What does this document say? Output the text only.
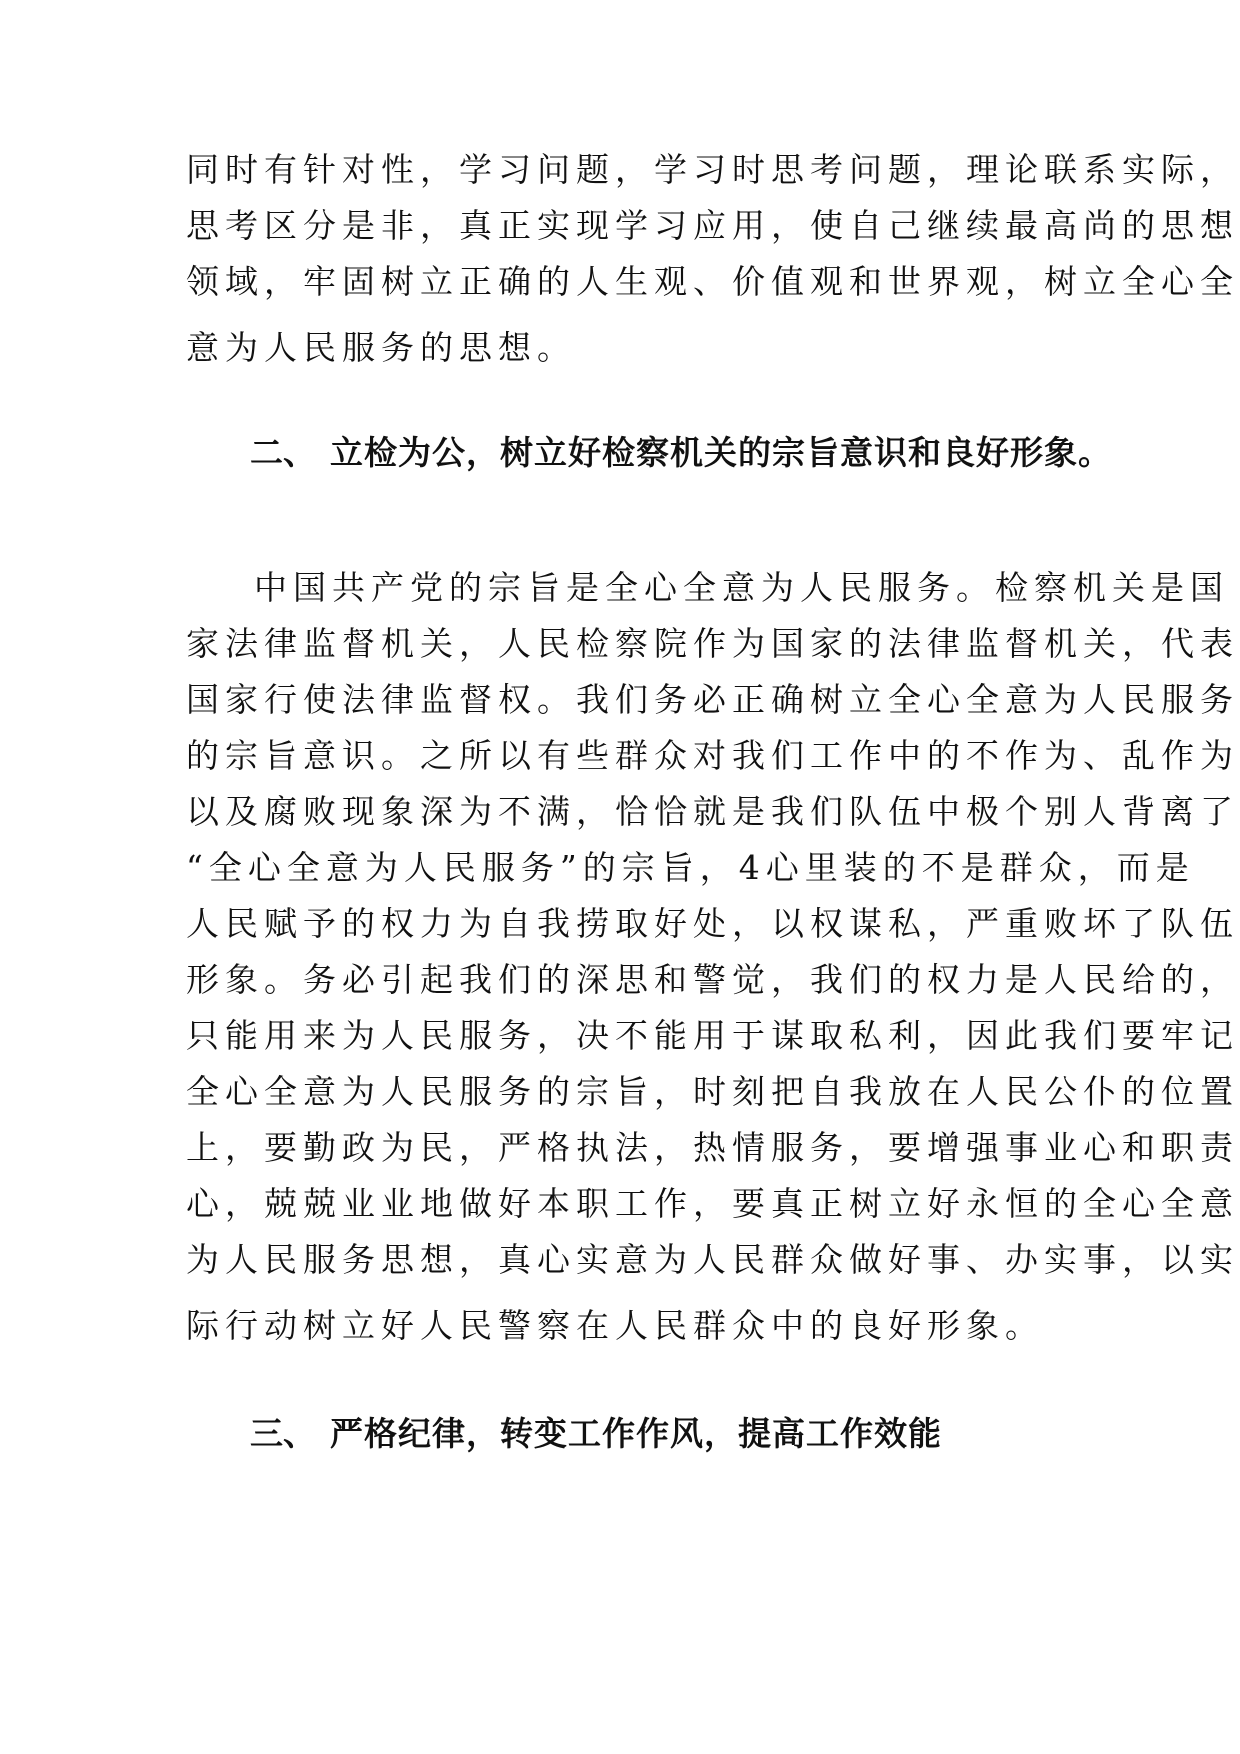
同时有针对性，学习问题，学习时思考问题，理论联系实际，
思考区分是非，真正实现学习应用，使自己继续最高尚的思想
领域，牢固树立正确的人生观、价值观和世界观，树立全心全
意为人民服务的思想。
二、 立检为公，树立好检察机关的宗旨意识和良好形象。
中国共产党的宗旨是全心全意为人民服务。检察机关是国
家法律监督机关，人民检察院作为国家的法律监督机关，代表
国家行使法律监督权。我们务必正确树立全心全意为人民服务
的宗旨意识。之所以有些群众对我们工作中的不作为、乱作为
以及腐败现象深为不满，恰恰就是我们队伍中极个别人背离了
“全心全意为人民服务”的宗旨，4心里装的不是群众，而是
人民赋予的权力为自我捞取好处，以权谋私，严重败坏了队伍
形象。务必引起我们的深思和警觉，我们的权力是人民给的，
只能用来为人民服务，决不能用于谋取私利，因此我们要牢记
全心全意为人民服务的宗旨，时刻把自我放在人民公仆的位置
上，要勤政为民，严格执法，热情服务，要增强事业心和职责
心，兢兢业业地做好本职工作，要真正树立好永恒的全心全意
为人民服务思想，真心实意为人民群众做好事、办实事，以实
际行动树立好人民警察在人民群众中的良好形象。
三、 严格纪律，转变工作作风，提高工作效能
